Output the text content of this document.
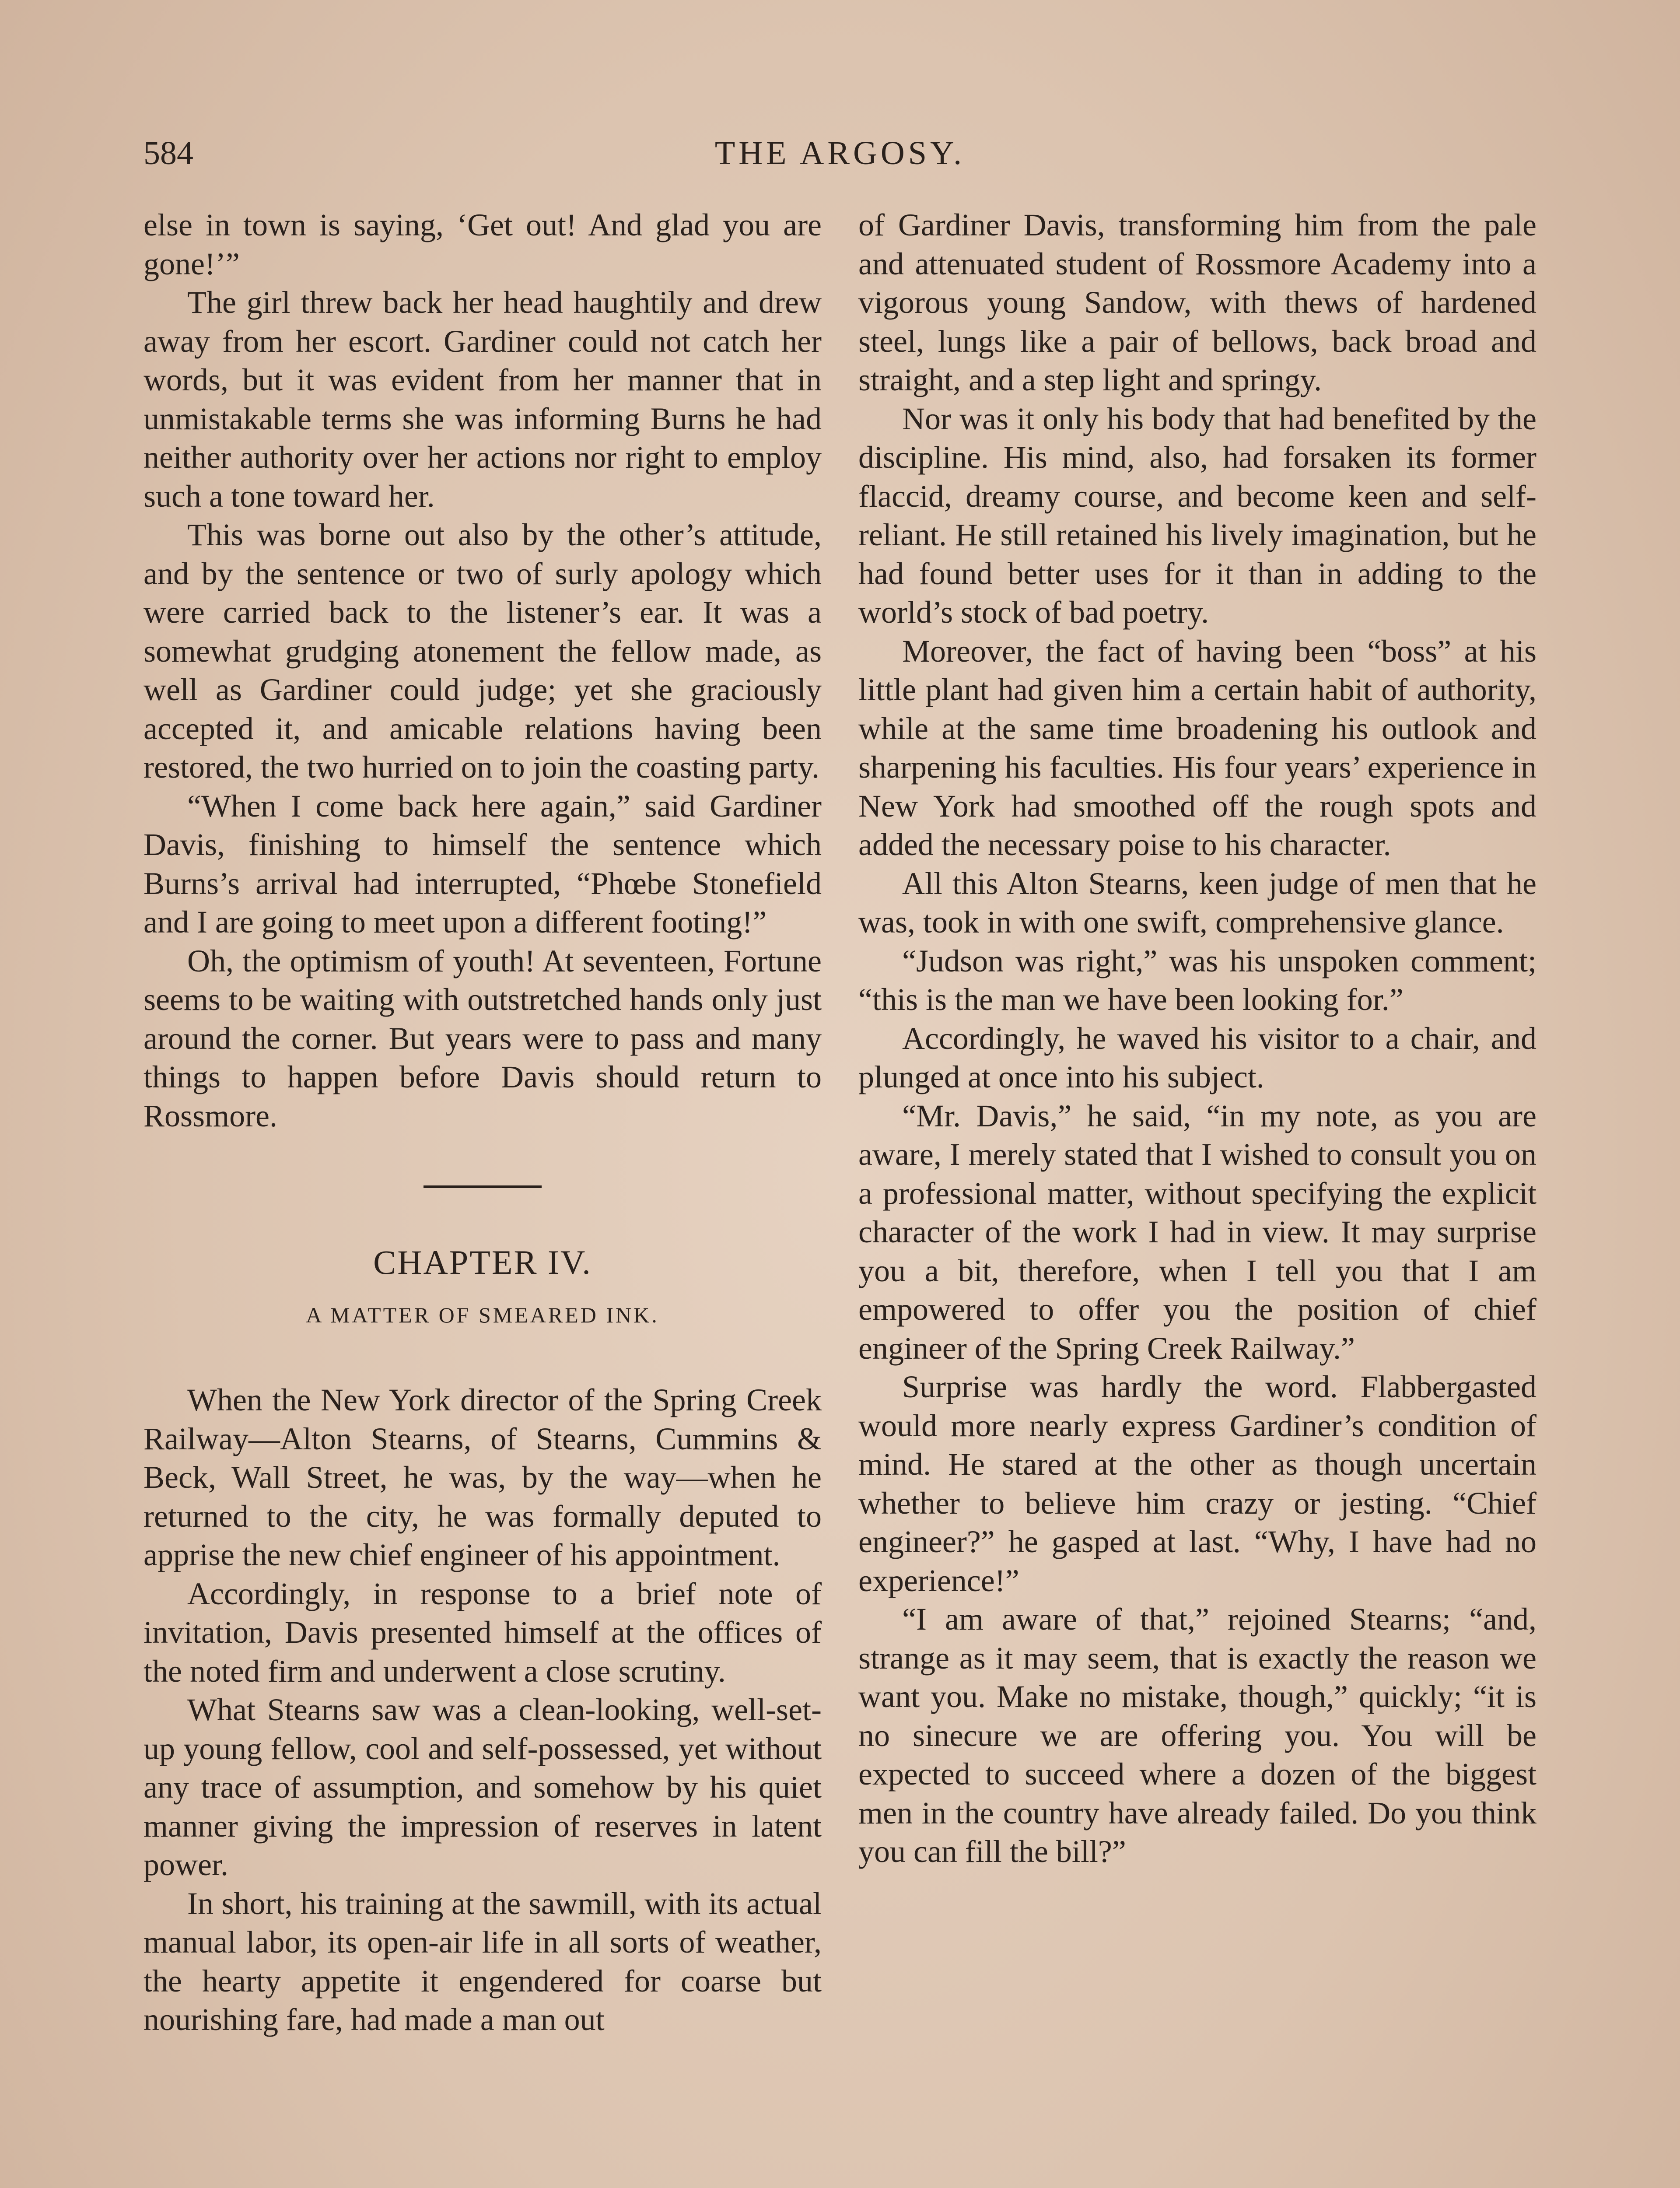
584	THE ARGOSY.

else in town is saying, ‘Get out! And glad you are gone!’”

The girl threw back her head haughtily and drew away from her escort. Gardiner could not catch her words, but it was evident from her manner that in unmistakable terms she was informing Burns he had neither authority over her actions nor right to employ such a tone toward her.

This was borne out also by the other’s attitude, and by the sentence or two of surly apology which were carried back to the listener’s ear. It was a somewhat grudging atonement the fellow made, as well as Gardiner could judge; yet she graciously accepted it, and amicable relations having been restored, the two hurried on to join the coasting party.

“When I come back here again,” said Gardiner Davis, finishing to himself the sentence which Burns’s arrival had interrupted, “Phœbe Stonefield and I are going to meet upon a different footing!”

Oh, the optimism of youth! At seventeen, Fortune seems to be waiting with outstretched hands only just around the corner. But years were to pass and many things to happen before Davis should return to Rossmore.

CHAPTER IV.
A MATTER OF SMEARED INK.

When the New York director of the Spring Creek Railway—Alton Stearns, of Stearns, Cummins & Beck, Wall Street, he was, by the way—when he returned to the city, he was formally deputed to apprise the new chief engineer of his appointment.

Accordingly, in response to a brief note of invitation, Davis presented himself at the offices of the noted firm and underwent a close scrutiny.

What Stearns saw was a clean-looking, well-set-up young fellow, cool and self-possessed, yet without any trace of assumption, and somehow by his quiet manner giving the impression of reserves in latent power.

In short, his training at the sawmill, with its actual manual labor, its open-air life in all sorts of weather, the hearty appetite it engendered for coarse but nourishing fare, had made a man out

of Gardiner Davis, transforming him from the pale and attenuated student of Rossmore Academy into a vigorous young Sandow, with thews of hardened steel, lungs like a pair of bellows, back broad and straight, and a step light and springy.

Nor was it only his body that had benefited by the discipline. His mind, also, had forsaken its former flaccid, dreamy course, and become keen and self-reliant. He still retained his lively imagination, but he had found better uses for it than in adding to the world’s stock of bad poetry.

Moreover, the fact of having been “boss” at his little plant had given him a certain habit of authority, while at the same time broadening his outlook and sharpening his faculties. His four years’ experience in New York had smoothed off the rough spots and added the necessary poise to his character.

All this Alton Stearns, keen judge of men that he was, took in with one swift, comprehensive glance.

“Judson was right,” was his unspoken comment; “this is the man we have been looking for.”

Accordingly, he waved his visitor to a chair, and plunged at once into his subject.

“Mr. Davis,” he said, “in my note, as you are aware, I merely stated that I wished to consult you on a professional matter, without specifying the explicit character of the work I had in view. It may surprise you a bit, therefore, when I tell you that I am empowered to offer you the position of chief engineer of the Spring Creek Railway.”

Surprise was hardly the word. Flabbergasted would more nearly express Gardiner’s condition of mind. He stared at the other as though uncertain whether to believe him crazy or jesting. “Chief engineer?” he gasped at last. “Why, I have had no experience!”

“I am aware of that,” rejoined Stearns; “and, strange as it may seem, that is exactly the reason we want you. Make no mistake, though,” quickly; “it is no sinecure we are offering you. You will be expected to succeed where a dozen of the biggest men in the country have already failed. Do you think you can fill the bill?”
